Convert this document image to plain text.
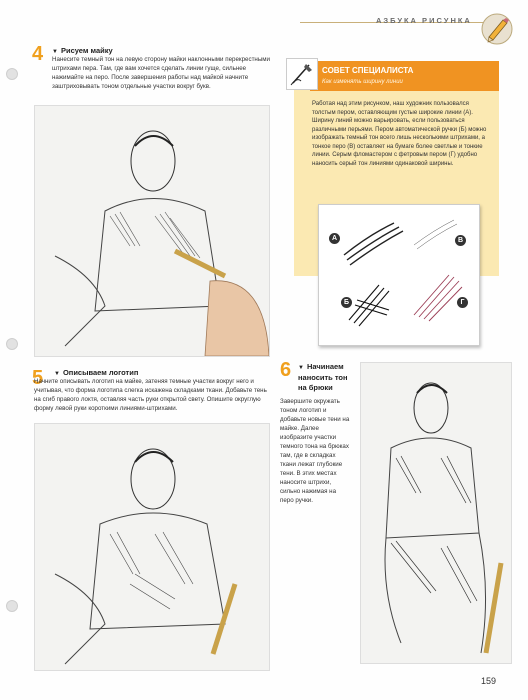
АЗБУКА РИСУНКА
4 ▼ Рисуем майку
Нанесите темный тон на левую сторону майки наклонными перекрестными штрихами пера. Там, где вам хочется сделать линии гуще, сильнее нажимайте на перо. После завершения работы над майкой начните заштриховывать тоном отдельные участки вокруг букв.
СОВЕТ СПЕЦИАЛИСТА
Как изменять ширину линии
Работая над этим рисунком, наш художник пользовался толстым пером, оставляющим густые широкие линии (А). Ширину линий можно варьировать, если пользоваться различными перьями. Пером автоматической ручки (Б) можно изображать темный тон всего лишь несколькими штрихами, а тонкое перо (В) оставляет на бумаге более светлые и тонкие линии. Серым фломастером с фетровым пером (Г) удобно наносить серый тон линиями одинаковой ширины.
А	В
Б	Г
5 ▼ Описываем логотип
Начните описывать логотип на майке, затеняя темные участки вокруг него и учитывая, что форма логотипа слегка искажена складками ткани. Добавьте тень на сгиб правого локтя, оставляя часть руки открытой свету. Опишите округлую форму левой руки короткими линиями-штрихами.
6 ▼ Начинаем наносить тон на брюки
Завершите окружать тоном логотип и добавьте новые тени на майке. Далее изобразите участки темного тона на брюках там, где в складках ткани лежат глубокие тени. В этих местах наносите штрихи, сильно нажимая на перо ручки.
159
